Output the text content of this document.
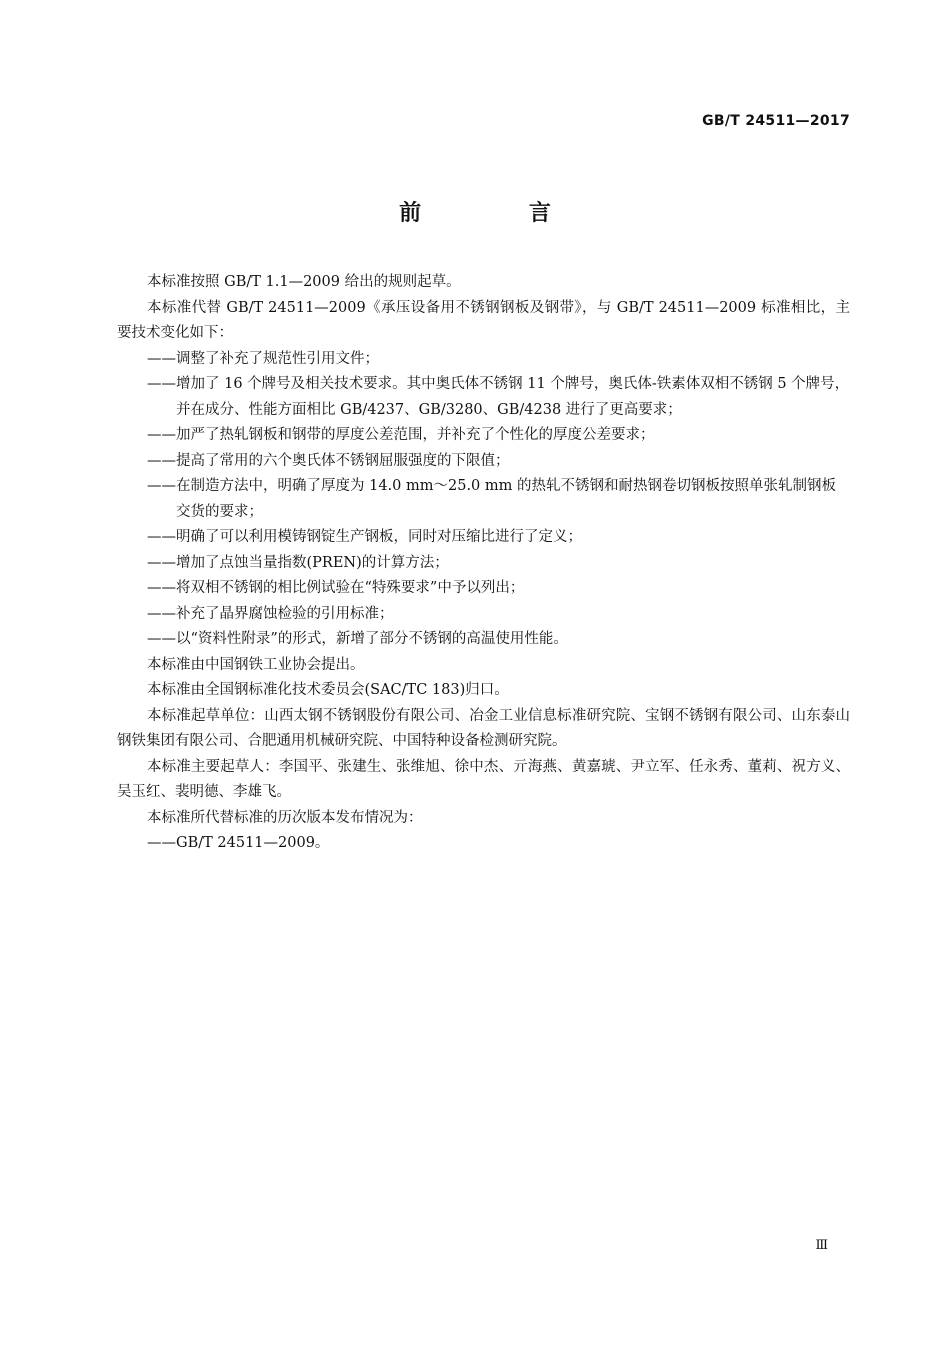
GB/T 24511—2017
前 言

本标准按照 GB/T 1.1—2009 给出的规则起草。

本标准代替 GB/T 24511—2009《承压设备用不锈钢钢板及钢带》，与 GB/T 24511—2009 标准相比，主要技术变化如下：

—— 调整了补充了规范性引用文件；

—— 增加了 16 个牌号及相关技术要求。其中奥氏体不锈钢 11 个牌号，奥氏体-铁素体双相不锈钢 5 个牌号，并在成分、性能方面相比 GB/4237、GB/3280、GB/4238 进行了更高要求；

—— 加严了热轧钢板和钢带的厚度公差范围，并补充了个性化的厚度公差要求；

—— 提高了常用的六个奥氏体不锈钢屈服强度的下限值；

—— 在制造方法中，明确了厚度为 14.0 mm～25.0 mm 的热轧不锈钢和耐热钢卷切钢板按照单张轧制钢板交货的要求；

—— 明确了可以利用模铸钢锭生产钢板，同时对压缩比进行了定义；

—— 增加了点蚀当量指数(PREN)的计算方法；

—— 将双相不锈钢的相比例试验在“特殊要求”中予以列出；

—— 补充了晶界腐蚀检验的引用标准；

—— 以“资料性附录”的形式，新增了部分不锈钢的高温使用性能。

本标准由中国钢铁工业协会提出。

本标准由全国钢标准化技术委员会(SAC/TC 183)归口。

本标准起草单位：山西太钢不锈钢股份有限公司、冶金工业信息标准研究院、宝钢不锈钢有限公司、山东泰山钢铁集团有限公司、合肥通用机械研究院、中国特种设备检测研究院。

本标准主要起草人：李国平、张建生、张维旭、徐中杰、亓海燕、黄嘉琥、尹立军、任永秀、董莉、祝方义、吴玉红、裴明德、李雄飞。

本标准所代替标准的历次版本发布情况为：

—— GB/T 24511—2009。

Ⅲ
